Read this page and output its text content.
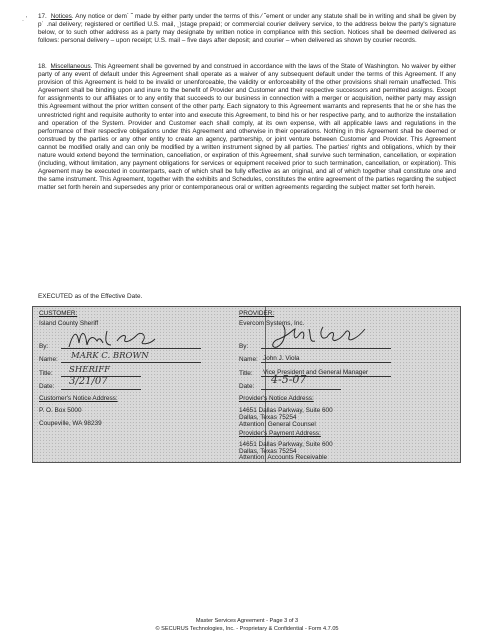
. ' 17. Notices. Any notice or dem´ ˜ made by either party under the terms of this ⁄ ˜ement or under any statute shall be in writing and shall be given by p˙ .nal delivery; registered or certified U.S. mail, ˛)stage prepaid; or commercial courier delivery service, to the address below the party's signature below, or to such other address as a party may designate by written notice in compliance with this section. Notices shall be deemed delivered as follows: personal delivery – upon receipt; U.S. mail – five days after deposit; and courier – when delivered as shown by courier records.

18. Miscellaneous. This Agreement shall be governed by and construed in accordance with the laws of the State of Washington. No waiver by either party of any event of default under this Agreement shall operate as a waiver of any subsequent default under the terms of this Agreement. If any provision of this Agreement is held to be invalid or unenforceable, the validity or enforceability of the other provisions shall remain unaffected. This Agreement shall be binding upon and inure to the benefit of Provider and Customer and their respective successors and permitted assigns. Except for assignments to our affiliates or to any entity that succeeds to our business in connection with a merger or acquisition, neither party may assign this Agreement without the prior written consent of the other party. Each signatory to this Agreement warrants and represents that he or she has the unrestricted right and requisite authority to enter into and execute this Agreement, to bind his or her respective party, and to authorize the installation and operation of the System. Provider and Customer each shall comply, at its own expense, with all applicable laws and regulations in the performance of their respective obligations under this Agreement and otherwise in their operations. Nothing in this Agreement shall be deemed or construed by the parties or any other entity to create an agency, partnership, or joint venture between Customer and Provider. This Agreement cannot be modified orally and can only be modified by a written instrument signed by all parties. The parties' rights and obligations, which by their nature would extend beyond the termination, cancellation, or expiration of this Agreement, shall survive such termination, cancellation, or expiration (including, without limitation, any payment obligations for services or equipment received prior to such termination, cancellation, or expiration). This Agreement may be executed in counterparts, each of which shall be fully effective as an original, and all of which together shall constitute one and the same instrument. This Agreement, together with the exhibits and Schedules, constitutes the entire agreement of the parties regarding the subject matter set forth herein and supersedes any prior or contemporaneous oral or written agreements regarding the subject matter set forth herein.

EXECUTED as of the Effective Date.
CUSTOMER:
Island County Sheriff
By:
Name: MARK C. BROWN
Title: SHERIFF
Date: 3/21/07
Customer's Notice Address:
P. O. Box 5000
Coupeville, WA 98239
PROVIDER:
Evercom Systems, Inc.
By:
Name: John J. Viola
Title: Vice President and General Manager
Date:
4-5-07
Provider's Notice Address:
14651 Dallas Parkway, Suite 600
Dallas, Texas 75254
Attention: General Counsel
Provider's Payment Address:
14651 Dallas Parkway, Suite 600
Dallas, Texas 75254
Attention: Accounts Receivable
Master Services Agreement - Page 3 of 3
© SECURUS Technologies, Inc. - Proprietary & Confidential - Form 4.7.05
